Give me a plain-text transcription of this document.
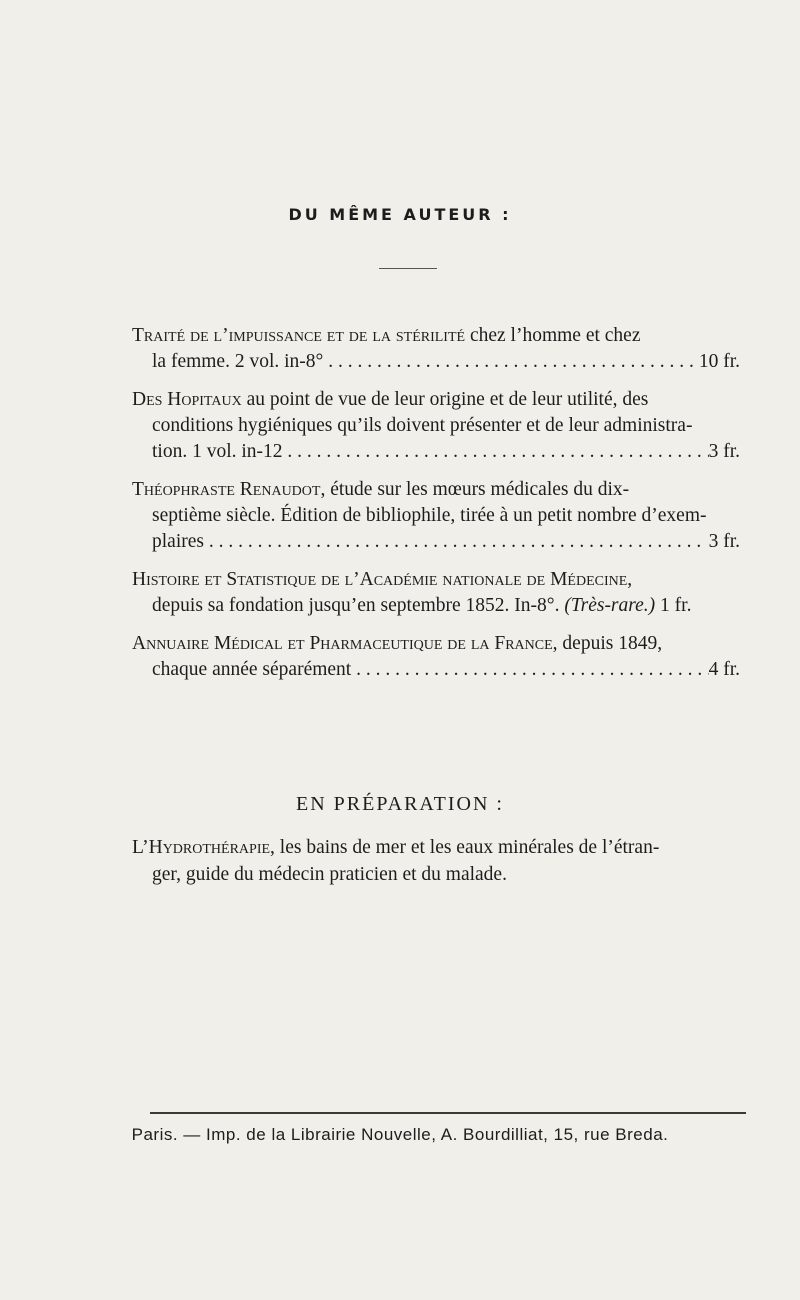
DU MÊME AUTEUR :
Traité de l’impuissance et de la stérilité chez l’homme et chez
la femme. 2 vol. in-8° . . .	10 fr.
Des Hopitaux au point de vue de leur origine et de leur utilité, des
conditions hygiéniques qu’ils doivent présenter et de leur administra-
tion. 1 vol. in-12 . . .	3 fr.
Théophraste Renaudot, étude sur les mœurs médicales du dix-
septième siècle. Édition de bibliophile, tirée à un petit nombre d’exem-
plaires . . .	3 fr.
Histoire et Statistique de l’Académie nationale de Médecine,
depuis sa fondation jusqu’en septembre 1852. In-8°. (Très-rare.) 1 fr.
Annuaire Médical et Pharmaceutique de la France, depuis 1849,
chaque année séparément . . .	4 fr.
EN PRÉPARATION :
L’Hydrothérapie, les bains de mer et les eaux minérales de l’étran-
ger, guide du médecin praticien et du malade.
Paris. — Imp. de la Librairie Nouvelle, A. Bourdilliat, 15, rue Breda.
